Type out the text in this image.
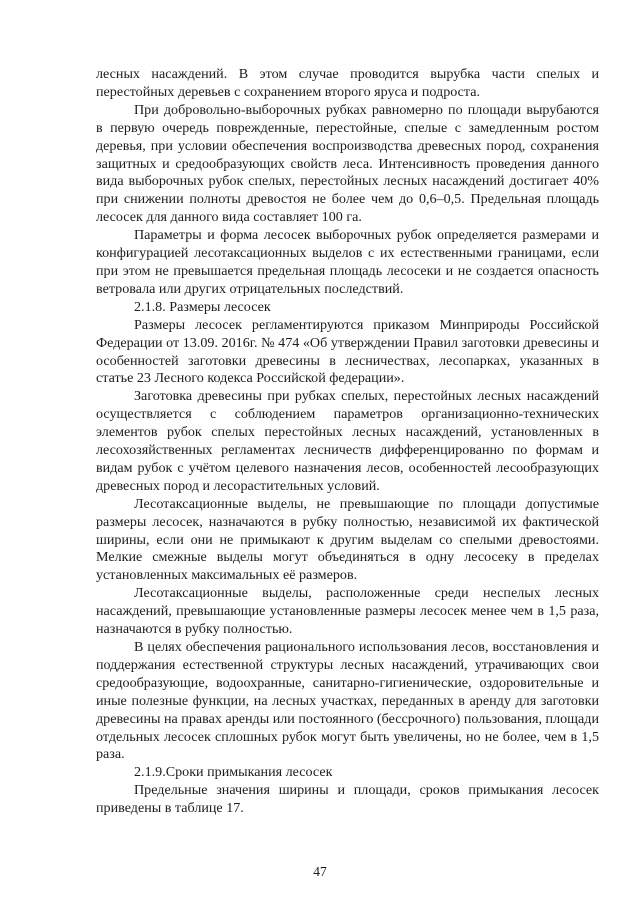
лесных насаждений. В этом случае проводится вырубка части спелых и перестойных деревьев с сохранением второго яруса и подроста.

При добровольно-выборочных рубках равномерно по площади вырубаются в первую очередь поврежденные, перестойные, спелые с замедленным ростом деревья, при условии обеспечения воспроизводства древесных пород, сохранения защитных и средообразующих свойств леса. Интенсивность проведения данного вида выборочных рубок спелых, перестойных лесных насаждений достигает 40% при снижении полноты древостоя не более чем до 0,6–0,5. Предельная площадь лесосек для данного вида составляет 100 га.

Параметры и форма лесосек выборочных рубок определяется размерами и конфигурацией лесотаксационных выделов с их естественными границами, если при этом не превышается предельная площадь лесосеки и не создается опасность ветровала или других отрицательных последствий.

2.1.8. Размеры лесосек

Размеры лесосек регламентируются приказом Минприроды Российской Федерации от 13.09. 2016г. № 474 «Об утверждении Правил заготовки древесины и особенностей заготовки древесины в лесничествах, лесопарках, указанных в статье 23 Лесного кодекса Российской федерации».

Заготовка древесины при рубках спелых, перестойных лесных насаждений осуществляется с соблюдением параметров организационно-технических элементов рубок спелых перестойных лесных насаждений, установленных в лесохозяйственных регламентах лесничеств дифференцированно по формам и видам рубок с учётом целевого назначения лесов, особенностей лесообразующих древесных пород и лесорастительных условий.

Лесотаксационные выделы, не превышающие по площади допустимые размеры лесосек, назначаются в рубку полностью, независимой их фактической ширины, если они не примыкают к другим выделам со спелыми древостоями. Мелкие смежные выделы могут объединяться в одну лесосеку в пределах установленных максимальных её размеров.

Лесотаксационные выделы, расположенные среди неспелых лесных насаждений, превышающие установленные размеры лесосек менее чем в 1,5 раза, назначаются в рубку полностью.

В целях обеспечения рационального использования лесов, восстановления и поддержания естественной структуры лесных насаждений, утрачивающих свои средообразующие, водоохранные, санитарно-гигиенические, оздоровительные и иные полезные функции, на лесных участках, переданных в аренду для заготовки древесины на правах аренды или постоянного (бессрочного) пользования, площади отдельных лесосек сплошных рубок могут быть увеличены, но не более, чем в 1,5 раза.

2.1.9.Сроки примыкания лесосек

Предельные значения ширины и площади, сроков примыкания лесосек приведены в таблице 17.

47
